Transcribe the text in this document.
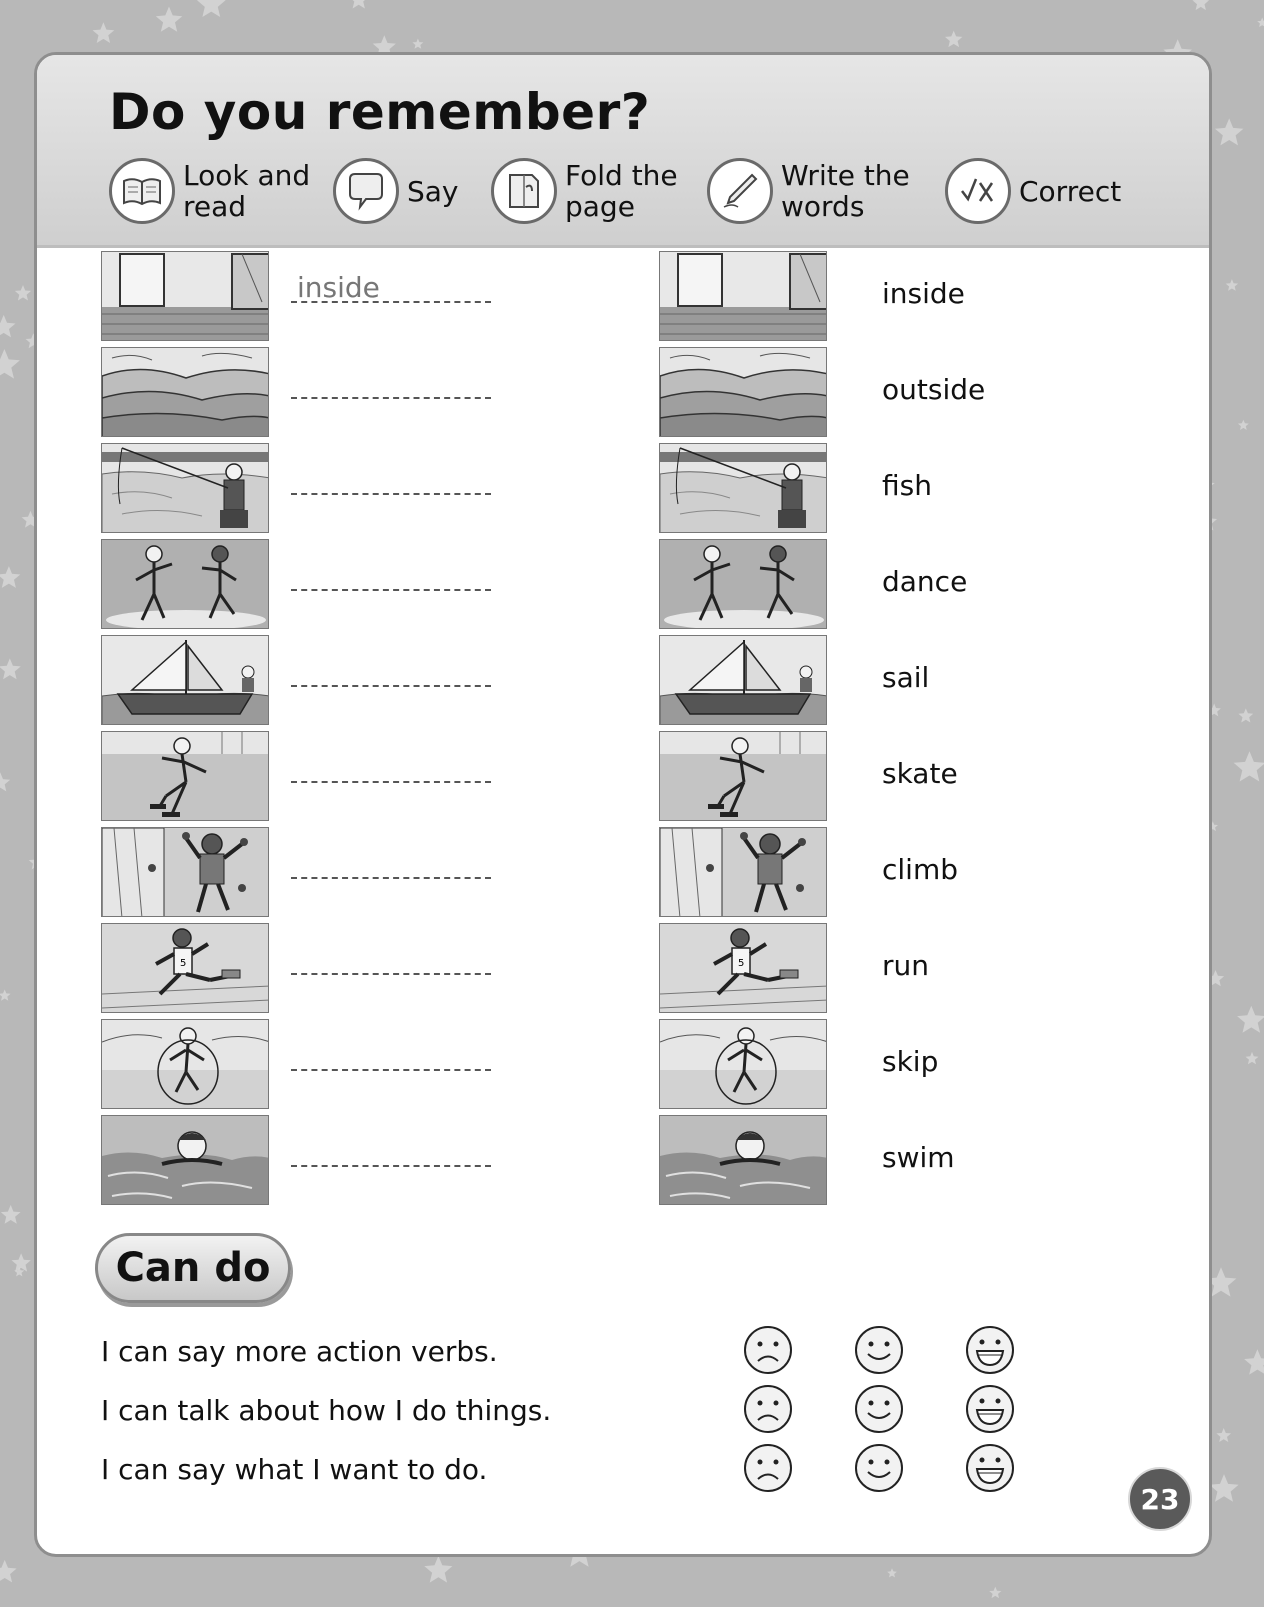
Do you remember?
Look and
read	Say	Fold the
page
Write the
words	Correct
inside	inside
outside
fish
dance
sail
skate
climb
5	5	run
skip
swim
Can do
I can say more action verbs.
I can talk about how I do things.
I can say what I want to do.
23
